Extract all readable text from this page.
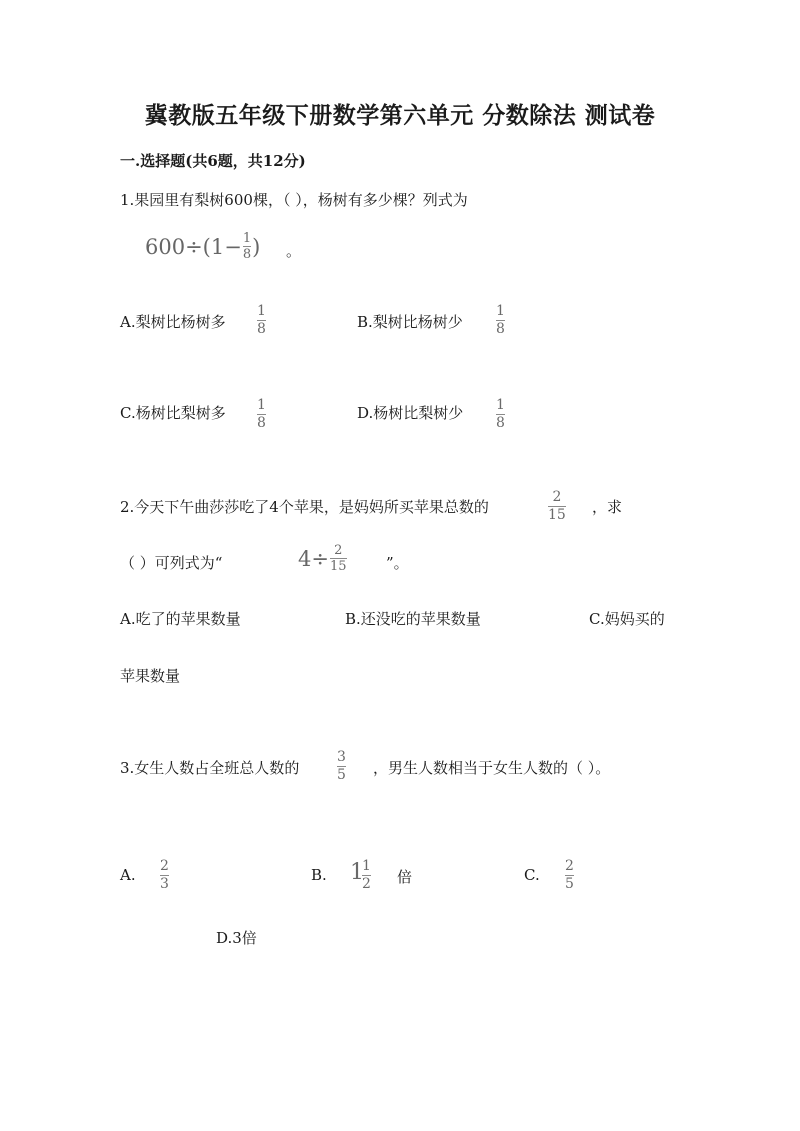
冀教版五年级下册数学第六单元 分数除法 测试卷
一.选择题(共6题，共12分)
1.果园里有梨树600棵，（ ），杨树有多少棵？列式为
$600\div(1- \frac{1}{8}$ ) 。
A.梨树比杨树多
1
8	B.梨树比杨树少
1
8
C.杨树比梨树多 1
8
D.杨树比梨树少 1
8
2.今天下午曲莎莎吃了4个苹果，是妈妈所买苹果总数的
2
15 ，求
（ ）可列式为“	$4\div \frac{2}{15}$	”。
A.吃了的苹果数量	B.还没吃的苹果数量	C.妈妈买的
苹果数量
3.女生人数占全班总人数的
3
5 ，男生人数相当于女生人数的（ ）。
A. 2
3	B. 1
1
2 倍	C. 2
5
D.3倍
